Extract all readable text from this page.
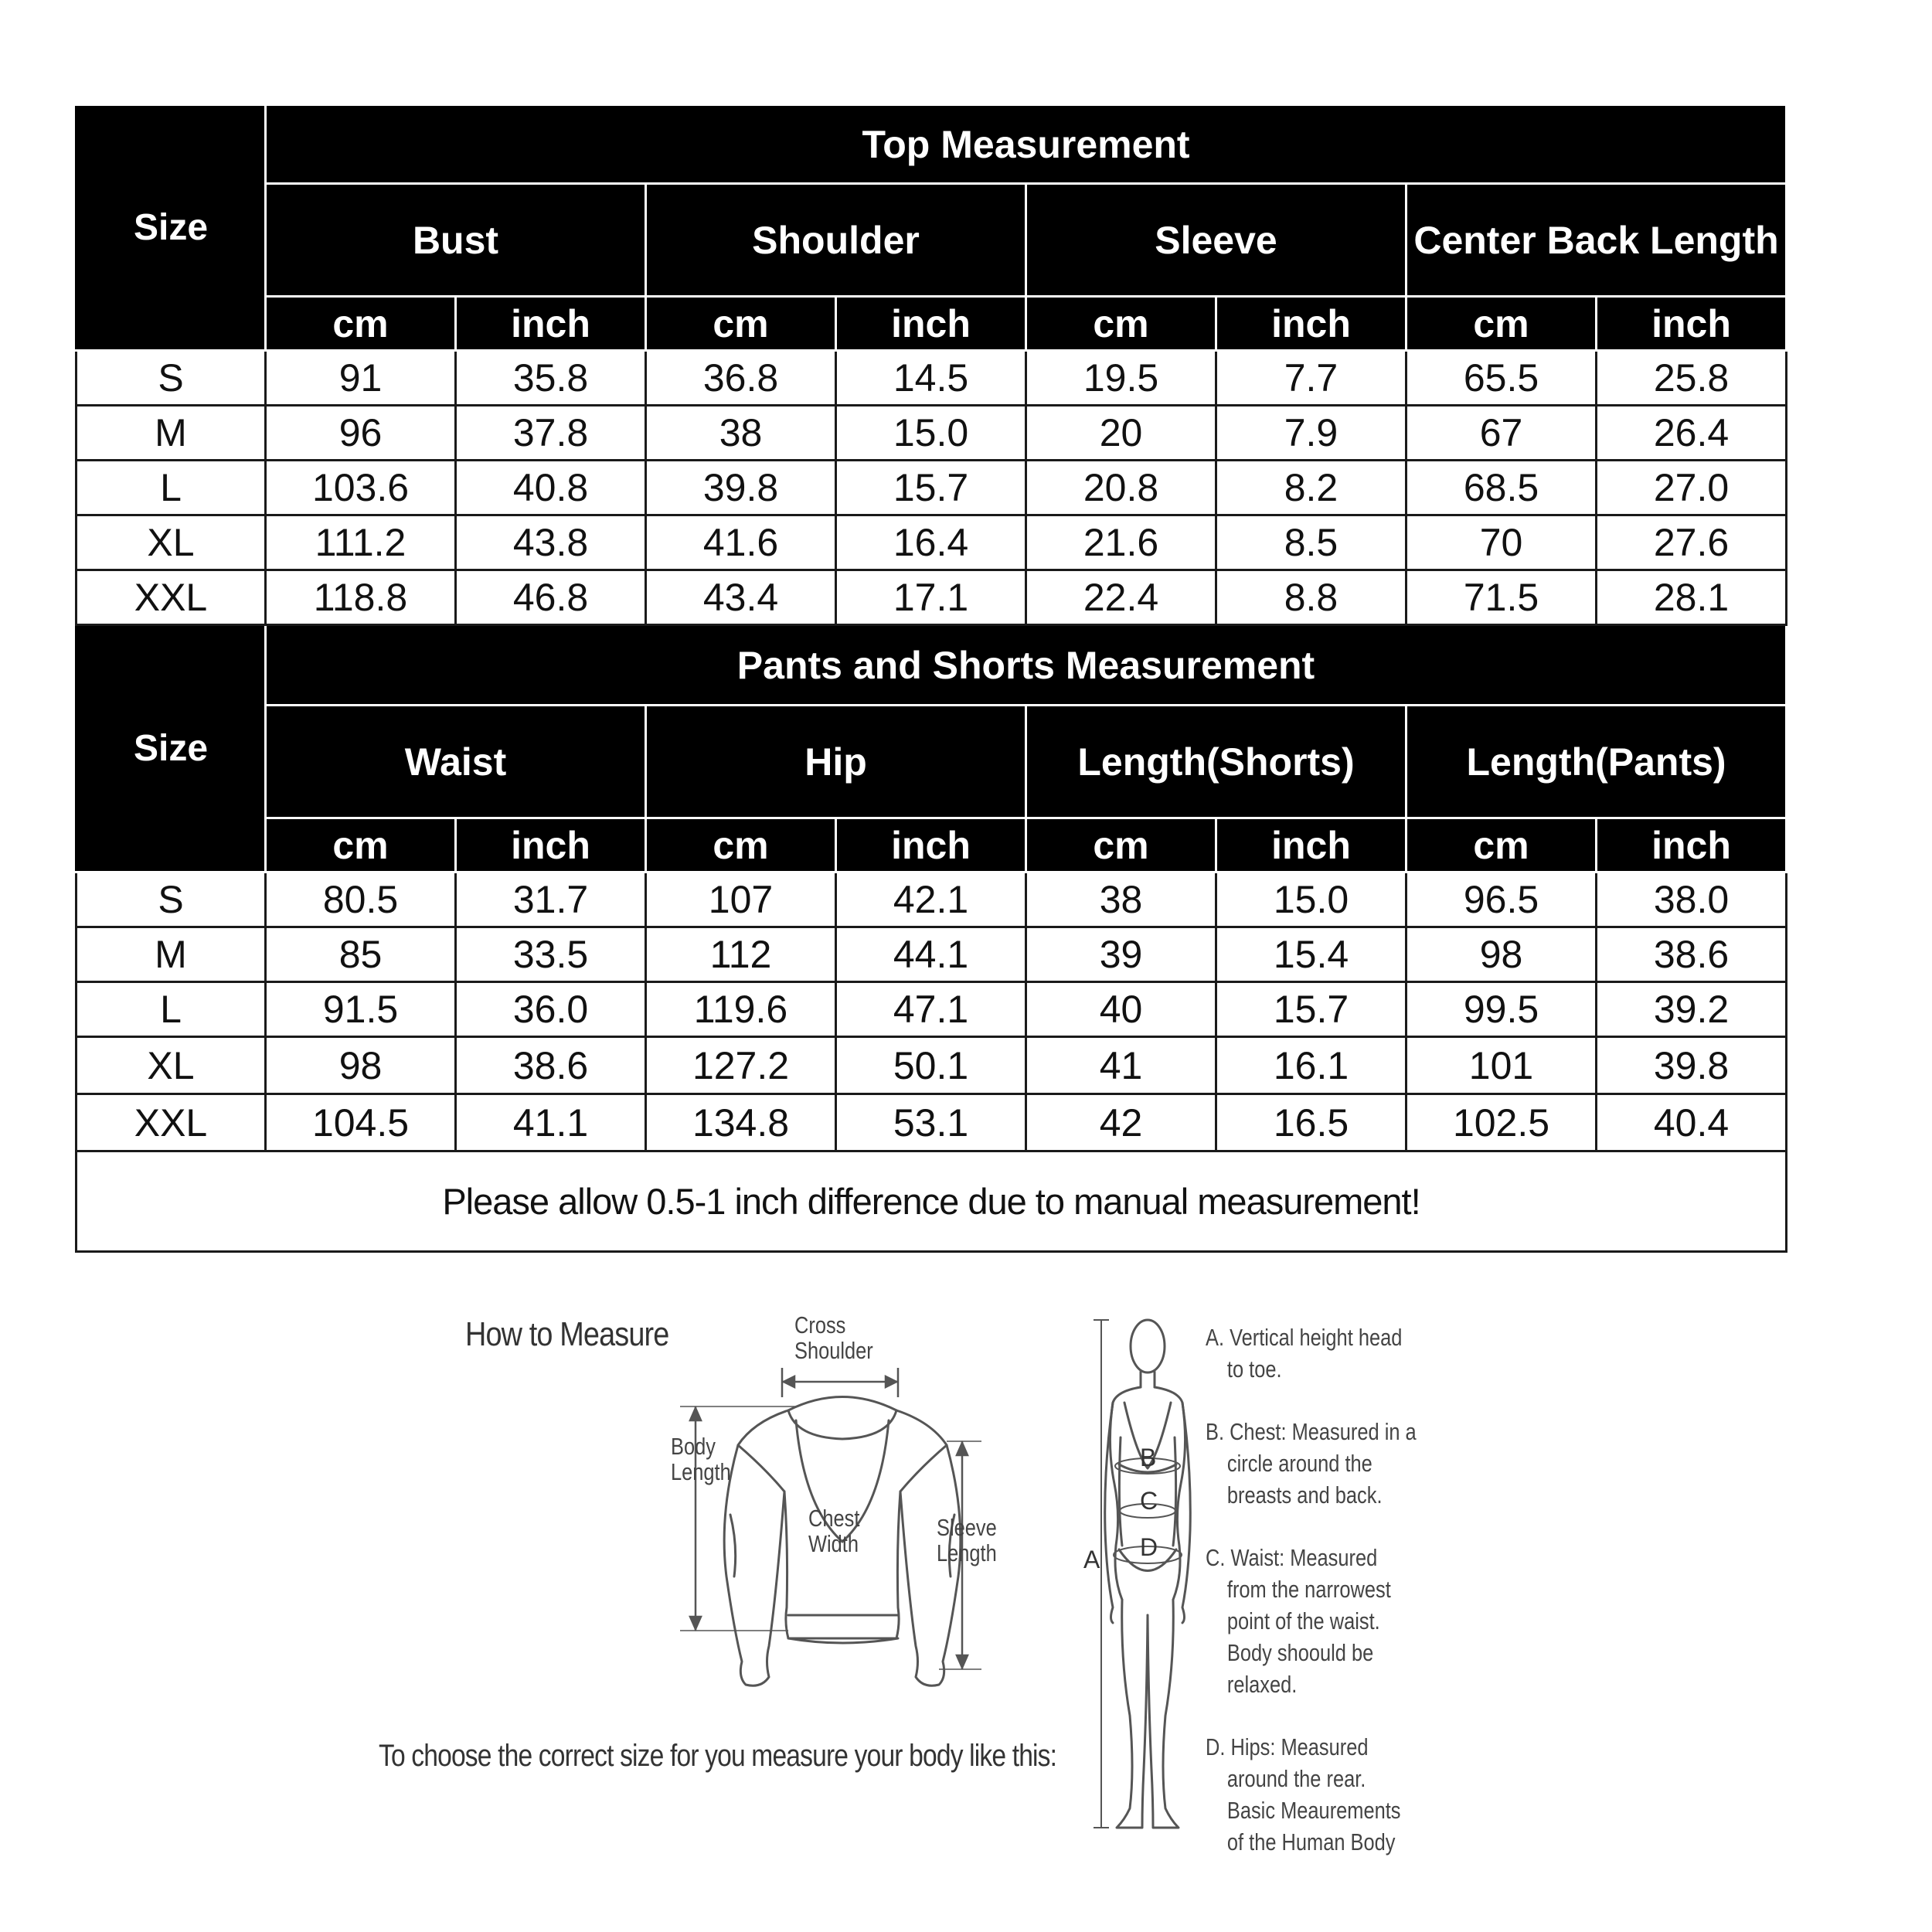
Size	Top Measurement							
	Bust		Shoulder		Sleeve		Center Back Length	
	cm	inch	cm	inch	cm	inch	cm	inch
S	91	35.8	36.8	14.5	19.5	7.7	65.5	25.8
M	96	37.8	38	15.0	20	7.9	67	26.4
L	103.6	40.8	39.8	15.7	20.8	8.2	68.5	27.0
XL	111.2	43.8	41.6	16.4	21.6	8.5	70	27.6
XXL	118.8	46.8	43.4	17.1	22.4	8.8	71.5	28.1
Size	Pants and Shorts Measurement							
	Waist		Hip		Length(Shorts)		Length(Pants)	
	cm	inch	cm	inch	cm	inch	cm	inch
S	80.5	31.7	107	42.1	38	15.0	96.5	38.0
M	85	33.5	112	44.1	39	15.4	98	38.6
L	91.5	36.0	119.6	47.1	40	15.7	99.5	39.2
XL	98	38.6	127.2	50.1	41	16.1	101	39.8
XXL	104.5	41.1	134.8	53.1	42	16.5	102.5	40.4
Please allow 0.5-1 inch difference due to manual measurement!								
How to Measure
To choose the correct size for you measure your body like this:
Cross
Shoulder
Body
Length
Chest
Width
Sleeve
Length	A
B
C
D
A. Vertical height head

to toe.
B. Chest: Measured in a

circle around the
breasts and back.
C. Waist: Measured

from the narrowest
point of the waist.
Body shoould be
relaxed.
D. Hips: Measured

around the rear.
Basic Meaurements
of the Human Body
